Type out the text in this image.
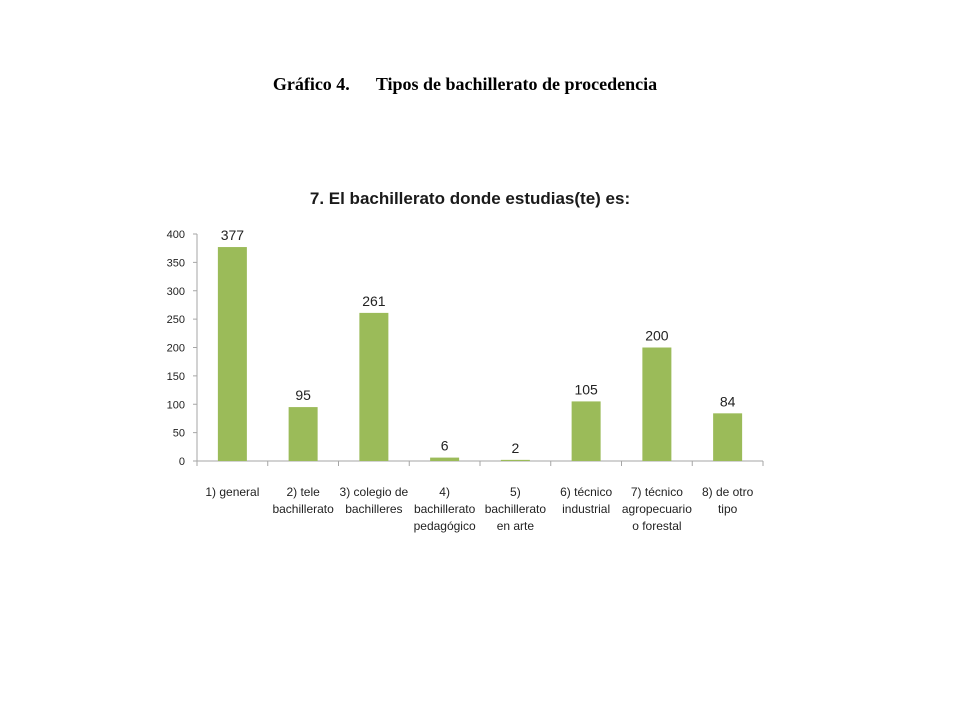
Gráfico 4. Tipos de bachillerato de procedencia
7. El bachillerato donde estudias(te) es:
0
50
100
150
200
250
300
350
400	377
95
261
6	2
105
200
84
1) general	2) tele bachillerato
3) colegio de bachilleres
4) bachillerato pedagógico
5) bachillerato en arte
6) técnico industrial
7) técnico agropecuario o forestal
8) de otro tipo
